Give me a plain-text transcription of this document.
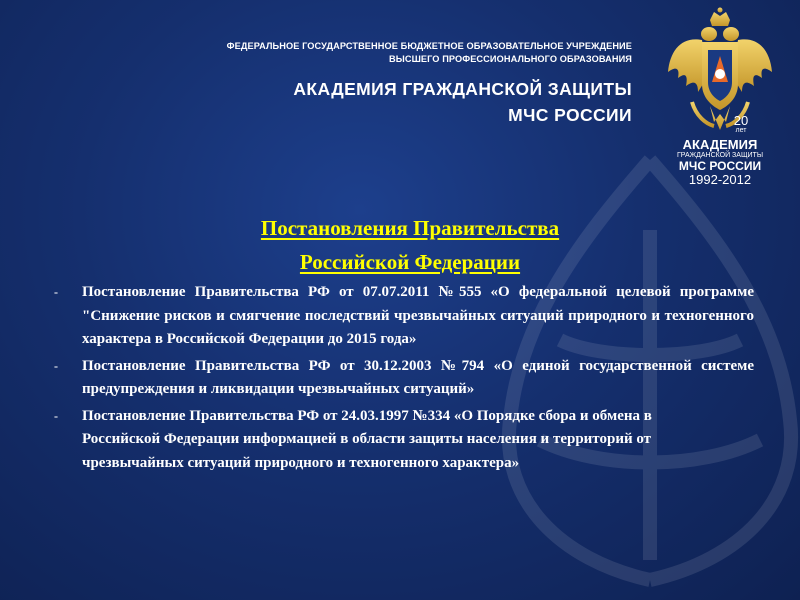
ФЕДЕРАЛЬНОЕ ГОСУДАРСТВЕННОЕ БЮДЖЕТНОЕ ОБРАЗОВАТЕЛЬНОЕ УЧРЕЖДЕНИЕ
ВЫСШЕГО ПРОФЕССИОНАЛЬНОГО ОБРАЗОВАНИЯ
АКАДЕМИЯ ГРАЖДАНСКОЙ ЗАЩИТЫ
МЧС РОССИИ	20
лет
АКАДЕМИЯ
ГРАЖДАНСКОЙ ЗАЩИТЫ
МЧС РОССИИ
1992-2012
Постановления Правительства
Российской Федерации
-	Постановление Правительства РФ от 07.07.2011 №555 «О федеральной целевой программе "Снижение рисков и смягчение последствий чрезвычайных ситуаций природного и техногенного характера в Российской Федерации до 2015 года»
-	Постановление Правительства РФ от 30.12.2003 №794 «О единой государственной системе предупреждения и ликвидации чрезвычайных ситуаций»
-	Постановление Правительства РФ от 24.03.1997 №334 «О Порядке сбора и обмена в Российской Федерации информацией в области защиты населения и территорий от чрезвычайных ситуаций природного и техногенного характера»
